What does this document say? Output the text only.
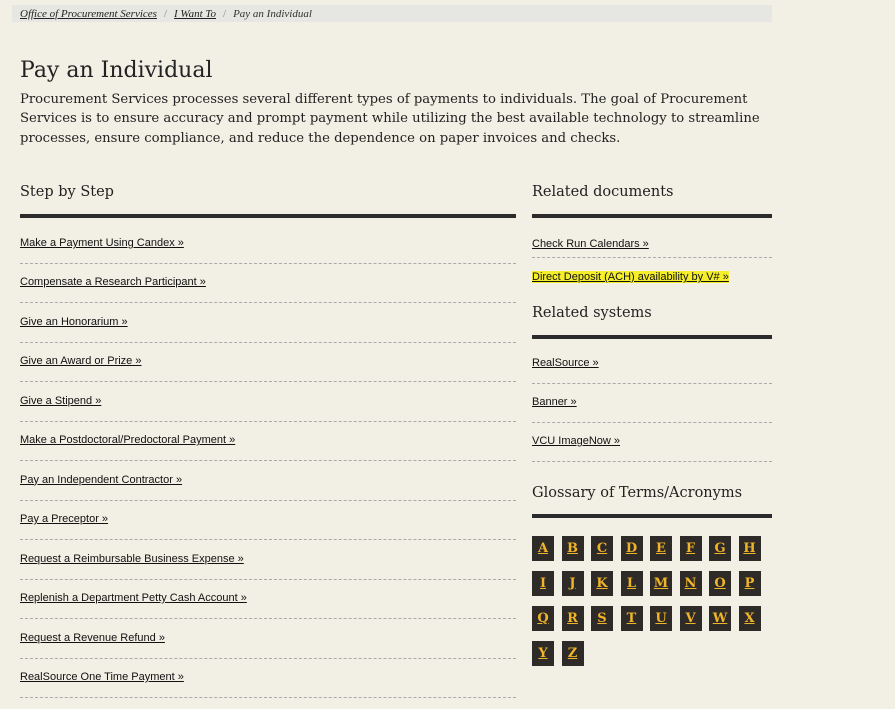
Office of Procurement Services / I Want To / Pay an Individual
Pay an Individual

Procurement Services processes several different types of payments to individuals. The goal of Procurement Services is to ensure accuracy and prompt payment while utilizing the best available technology to streamline processes, ensure compliance, and reduce the dependence on paper invoices and checks.

Step by Step
Make a Payment Using Candex »
Compensate a Research Participant »
Give an Honorarium »
Give an Award or Prize »
Give a Stipend »
Make a Postdoctoral/Predoctoral Payment »
Pay an Independent Contractor »
Pay a Preceptor »
Request a Reimbursable Business Expense »
Replenish a Department Petty Cash Account »
Request a Revenue Refund »
RealSource One Time Payment »
Related documents
Check Run Calendars »
Direct Deposit (ACH) availability by V# »
Related systems
RealSource »
Banner »
VCU ImageNow »
Glossary of Terms/Acronyms
A	B	C	D	E	F	G	H
I	J	K	L	M	N	O	P
Q	R	S	T	U	V	W	X
Y	Z
